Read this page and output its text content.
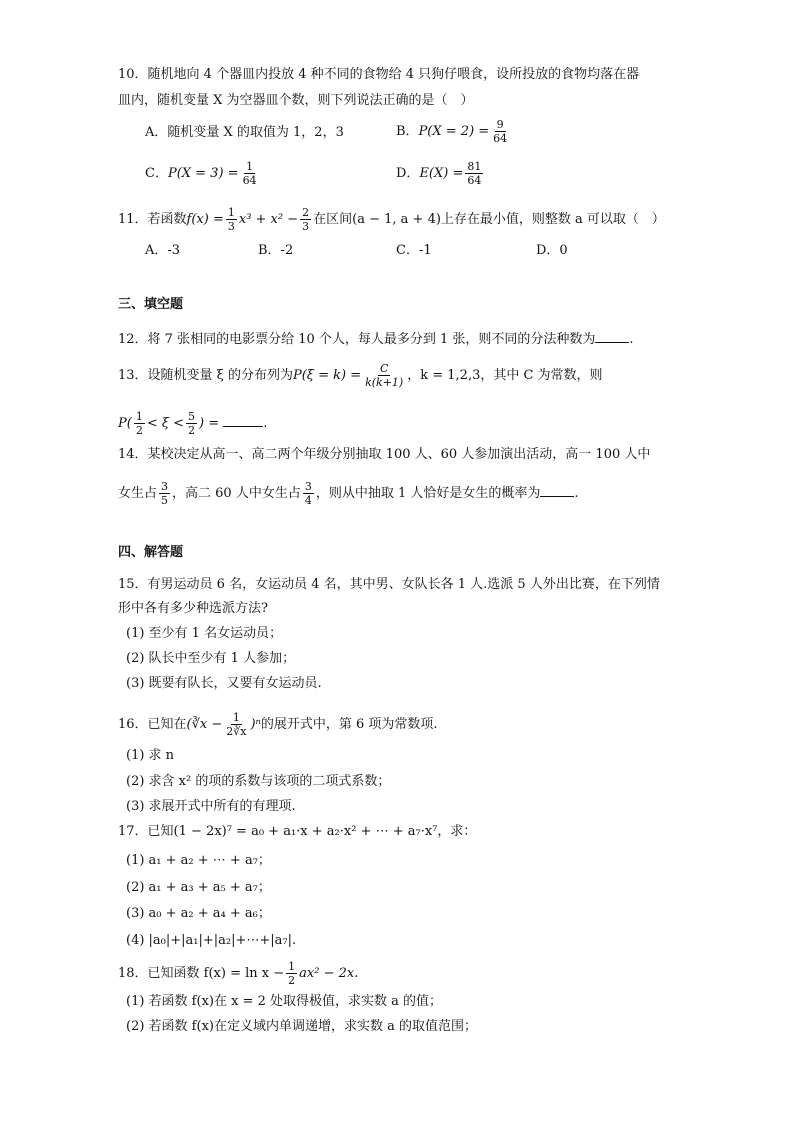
10．随机地向 4 个器皿内投放 4 种不同的食物给 4 只狗仔喂食，设所投放的食物均落在器
皿内，随机变量 X 为空器皿个数，则下列说法正确的是（　）
A．随机变量 X 的取值为 1，2，3	B．$P(X = 2) = \frac{9}{64}$
C．$P(X = 3) = \frac{1}{64}$	D．$E(X) = \frac{81}{64}$
11．若函数$f(x) = \frac{1}{3} x^3 + x^2 - \frac{2}{3}$ 在区间(a − 1, a + 4)上存在最小值，则整数 a 可以取（　）
A．-3	B．-2	C．-1	D．0
三、填空题
12．将 7 张相同的电影票分给 10 个人，每人最多分到 1 张，则不同的分法种数为	.
13．设随机变量 ξ 的分布列为$P(\xi = k) = \frac{C}{k(k+1)}$ ，k = 1,2,3，其中 C 为常数，则
$P( \frac{1}{2} < \xi < \frac{5}{2}$ ) =	.
14．某校决定从高一、高二两个年级分别抽取 100 人、60 人参加演出活动，高一 100 人中
女生占 $\frac{3}{5}$ ，高二 60 人中女生占 $\frac{3}{4}$ ，则从中抽取 1 人恰好是女生的概率为	.
四、解答题
15．有男运动员 6 名，女运动员 4 名，其中男、女队长各 1 人.选派 5 人外出比赛，在下列情
形中各有多少种选派方法?
(1) 至少有 1 名女运动员；
(2) 队长中至少有 1 人参加；
(3) 既要有队长，又要有女运动员.
16．已知在(∛x − $\frac{1}{2∛x} )^n$的展开式中，第 6 项为常数项.
(1) 求 n
(2) 求含 x² 的项的系数与该项的二项式系数；
(3) 求展开式中所有的有理项.
17．已知(1 − 2x)⁷ = a₀ + a₁·x + a₂·x² + ⋯ + a₇·x⁷，求：
(1) a₁ + a₂ + ⋯ + a₇；
(2) a₁ + a₃ + a₅ + a₇；
(3) a₀ + a₂ + a₄ + a₆；
(4) |a₀|+|a₁|+|a₂|+⋯+|a₇|.
18．已知函数 $f(x) = \ln x - \frac{1}{2} ax^2 - 2x$.
(1) 若函数 f(x)在 x = 2 处取得极值，求实数 a 的值；
(2) 若函数 f(x)在定义域内单调递增，求实数 a 的取值范围；
